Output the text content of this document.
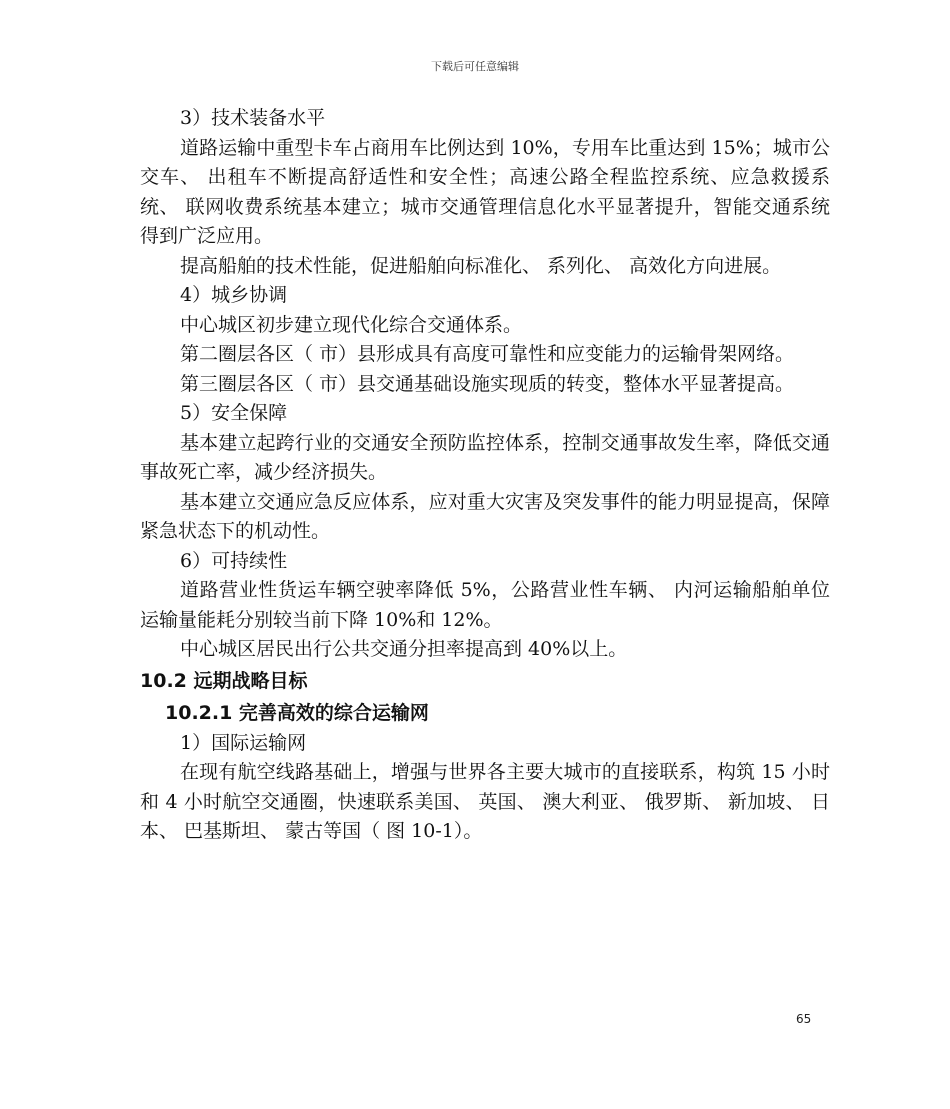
下载后可任意编辑
3）技术装备水平
道路运输中重型卡车占商用车比例达到 10%，专用车比重达到 15%；城市公交车、 出租车不断提高舒适性和安全性；高速公路全程监控系统、应急救援系统、 联网收费系统基本建立；城市交通管理信息化水平显著提升，智能交通系统得到广泛应用。
提高船舶的技术性能，促进船舶向标准化、 系列化、 高效化方向进展。
4）城乡协调
中心城区初步建立现代化综合交通体系。
第二圈层各区（ 市）县形成具有高度可靠性和应变能力的运输骨架网络。
第三圈层各区（ 市）县交通基础设施实现质的转变，整体水平显著提高。
5）安全保障
基本建立起跨行业的交通安全预防监控体系，控制交通事故发生率，降低交通事故死亡率，减少经济损失。
基本建立交通应急反应体系，应对重大灾害及突发事件的能力明显提高，保障紧急状态下的机动性。
6）可持续性
道路营业性货运车辆空驶率降低 5%，公路营业性车辆、 内河运输船舶单位运输量能耗分别较当前下降 10%和 12%。
中心城区居民出行公共交通分担率提高到 40%以上。
10.2 远期战略目标
10.2.1 完善高效的综合运输网
1）国际运输网
在现有航空线路基础上，增强与世界各主要大城市的直接联系，构筑 15 小时和 4 小时航空交通圈，快速联系美国、 英国、 澳大利亚、 俄罗斯、 新加坡、 日本、 巴基斯坦、 蒙古等国（ 图 10-1）。
65
